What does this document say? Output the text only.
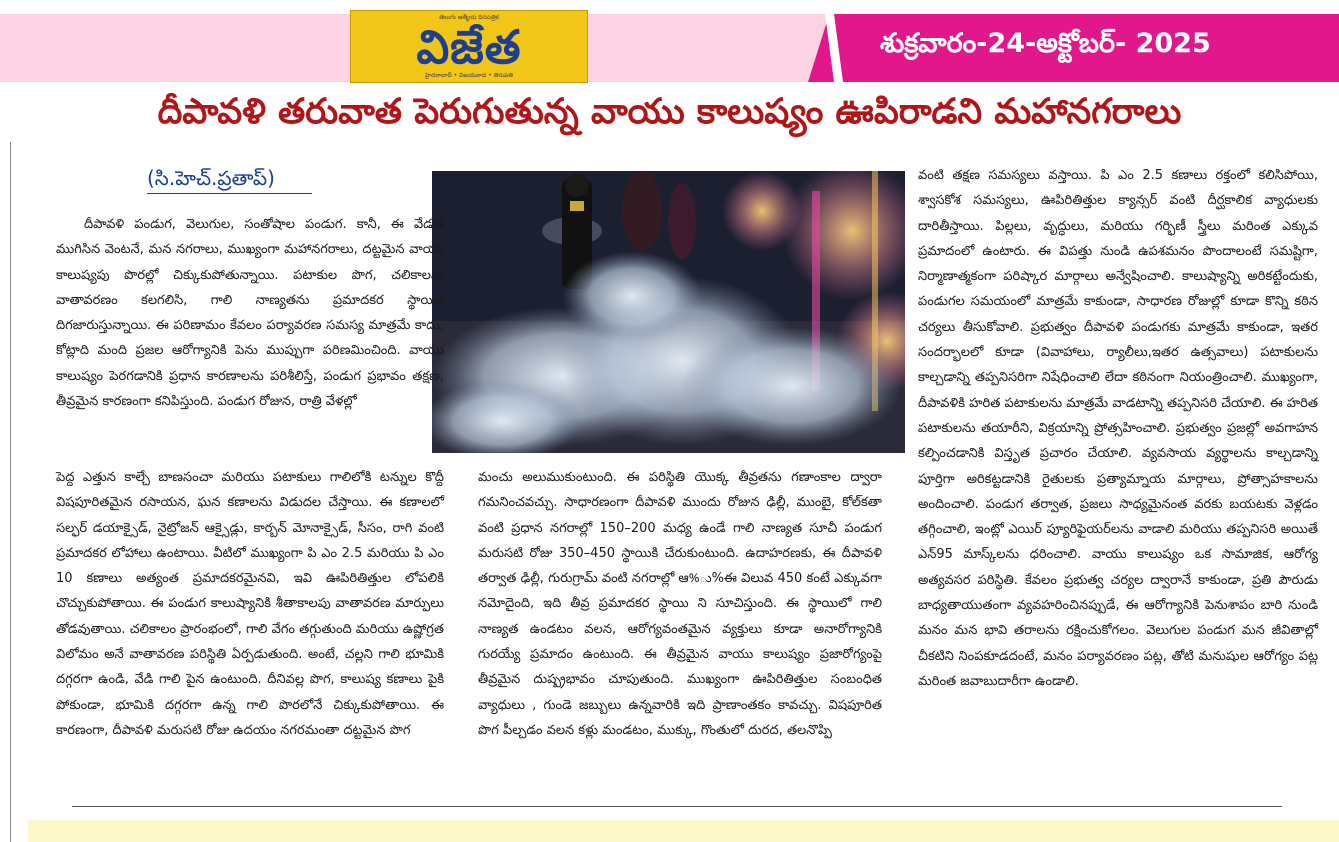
తెలుగు ఆత్మీయ దినపత్రిక
విజేత
హైదరాబాద్ • విజయవాడ • తిరుపతి
శుక్రవారం-24-అక్టోబర్- 2025
దీపావళి తరువాత పెరుగుతున్న వాయు కాలుష్యం ఊపిరాడని మహానగరాలు
(సి.హెచ్.ప్రతాప్)

దీపావళి పండుగ, వెలుగుల, సంతోషాల పండుగ. కానీ, ఈ వేడుక ముగిసిన వెంటనే, మన నగరాలు, ముఖ్యంగా మహానగరాలు, దట్టమైన వాయు కాలుష్యపు పొరల్లో చిక్కుకుపోతున్నాయి. పటాకుల పొగ, చలికాలపు వాతావరణం కలగలిసి, గాలి నాణ్యతను ప్రమాదకర స్థాయికి దిగజారుస్తున్నాయి. ఈ పరిణామం కేవలం పర్యావరణ సమస్య మాత్రమే కాదు, కోట్లాది మంది ప్రజల ఆరోగ్యానికి పెను ముప్పుగా పరిణమించింది. వాయు కాలుష్యం పెరగడానికి ప్రధాన కారణాలను పరిశీలిస్తే, పండుగ ప్రభావం తక్షణ, తీవ్రమైన కారణంగా కనిపిస్తుంది. పండుగ రోజున, రాత్రి వేళల్లో

పెద్ద ఎత్తున కాల్చే బాణసంచా మరియు పటాకులు గాలిలోకి టన్నుల కొద్దీ విషపూరితమైన రసాయన, ఘన కణాలను విడుదల చేస్తాయి. ఈ కణాలలో సల్ఫర్ డయాక్సైడ్, నైట్రోజన్ ఆక్సైడ్లు, కార్బన్ మోనాక్సైడ్, సీసం, రాగి వంటి ప్రమాదకర లోహాలు ఉంటాయి. వీటిలో ముఖ్యంగా పి ఎం 2.5 మరియు పి ఎం 10 కణాలు అత్యంత ప్రమాదకరమైనవి, ఇవి ఊపిరితిత్తుల లోపలికి చొచ్చుకుపోతాయి. ఈ పండుగ కాలుష్యానికి శీతాకాలపు వాతావరణ మార్పులు తోడవుతాయి. చలికాలం ప్రారంభంలో, గాలి వేగం తగ్గుతుంది మరియు ఉష్ణోగ్రత విలోమం అనే వాతావరణ పరిస్థితి ఏర్పడుతుంది. అంటే, చల్లని గాలి భూమికి దగ్గరగా ఉండి, వేడి గాలి పైన ఉంటుంది. దీనివల్ల పొగ, కాలుష్య కణాలు పైకి పోకుండా, భూమికి దగ్గరగా ఉన్న గాలి పొరలోనే చిక్కుకుపోతాయి. ఈ కారణంగా, దీపావళి మరుసటి రోజు ఉదయం నగరమంతా దట్టమైన పొగ

మంచు అలుముకుంటుంది. ఈ పరిస్థితి యొక్క తీవ్రతను గణాంకాల ద్వారా గమనించవచ్చు. సాధారణంగా దీపావళి ముందు రోజున ఢిల్లీ, ముంబై, కోల్‌కతా వంటి ప్రధాన నగరాల్లో 150–200 మధ్య ఉండే గాలి నాణ్యత సూచీ పండుగ మరుసటి రోజు 350–450 స్థాయికి చేరుకుంటుంది. ఉదాహరణకు, ఈ దీపావళి తర్వాత ఢిల్లీ, గురుగ్రామ్ వంటి నగరాల్లో ఆ%ు%ఈ విలువ 450 కంటే ఎక్కువగా నమోదైంది, ఇది తీవ్ర ప్రమాదకర స్థాయి ని సూచిస్తుంది. ఈ స్థాయిలో గాలి నాణ్యత ఉండటం వలన, ఆరోగ్యవంతమైన వ్యక్తులు కూడా అనారోగ్యానికి గురయ్యే ప్రమాదం ఉంటుంది. ఈ తీవ్రమైన వాయు కాలుష్యం ప్రజారోగ్యంపై తీవ్రమైన దుష్ప్రభావం చూపుతుంది. ముఖ్యంగా ఊపిరితిత్తుల సంబంధిత వ్యాధులు , గుండె జబ్బులు ఉన్నవారికి ఇది ప్రాణాంతకం కావచ్చు. విషపూరిత పొగ పీల్చడం వలన కళ్లు మండటం, ముక్కు, గొంతులో దురద, తలనొప్పి

వంటి తక్షణ సమస్యలు వస్తాయి. పి ఎం 2.5 కణాలు రక్తంలో కలిసిపోయి, శ్వాసకోశ సమస్యలు, ఊపిరితిత్తుల క్యాన్సర్ వంటి దీర్ఘకాలిక వ్యాధులకు దారితీస్తాయి. పిల్లలు, వృద్ధులు, మరియు గర్భిణీ స్త్రీలు మరింత ఎక్కువ ప్రమాదంలో ఉంటారు. ఈ విపత్తు నుండి ఉపశమనం పొందాలంటే సమష్టిగా, నిర్మాణాత్మకంగా పరిష్కార మార్గాలు అన్వేషించాలి. కాలుష్యాన్ని అరికట్టేందుకు, పండుగల సమయంలో మాత్రమే కాకుండా, సాధారణ రోజుల్లో కూడా కొన్ని కఠిన చర్యలు తీసుకోవాలి. ప్రభుత్వం దీపావళి పండుగకు మాత్రమే కాకుండా, ఇతర సందర్భాలలో కూడా (వివాహాలు, ర్యాలీలు,ఇతర ఉత్సవాలు) పటాకులను కాల్చడాన్ని తప్పనిసరిగా నిషేధించాలి లేదా కఠినంగా నియంత్రించాలి. ముఖ్యంగా, దీపావళికి హరిత పటాకులను మాత్రమే వాడటాన్ని తప్పనిసరి చేయాలి. ఈ హరిత పటాకులను తయారీని, విక్రయాన్ని ప్రోత్సహించాలి. ప్రభుత్వం ప్రజల్లో అవగాహన కల్పించడానికి విస్తృత ప్రచారం చేయాలి. వ్యవసాయ వ్యర్థాలను కాల్చడాన్ని పూర్తిగా అరికట్టడానికి రైతులకు ప్రత్యామ్నాయ మార్గాలు, ప్రోత్సాహకాలను అందించాలి. పండుగ తర్వాత, ప్రజలు సాధ్యమైనంత వరకు బయటకు వెళ్లడం తగ్గించాలి, ఇంట్లో ఎయిర్ ప్యూరిఫైయర్‌లను వాడాలి మరియు తప్పనిసరి అయితే ఎన్95 మాస్క్‌లను ధరించాలి. వాయు కాలుష్యం ఒక సామాజిక, ఆరోగ్య అత్యవసర పరిస్థితి. కేవలం ప్రభుత్వ చర్యల ద్వారానే కాకుండా, ప్రతి పౌరుడు బాధ్యతాయుతంగా వ్యవహరించినప్పుడే, ఈ ఆరోగ్యానికి పెనుశాపం బారి నుండి మనం మన భావి తరాలను రక్షించుకోగలం. వెలుగుల పండుగ మన జీవితాల్లో చీకటిని నింపకూడదంటే, మనం పర్యావరణం పట్ల, తోటి మనుషుల ఆరోగ్యం పట్ల మరింత జవాబుదారీగా ఉండాలి.
